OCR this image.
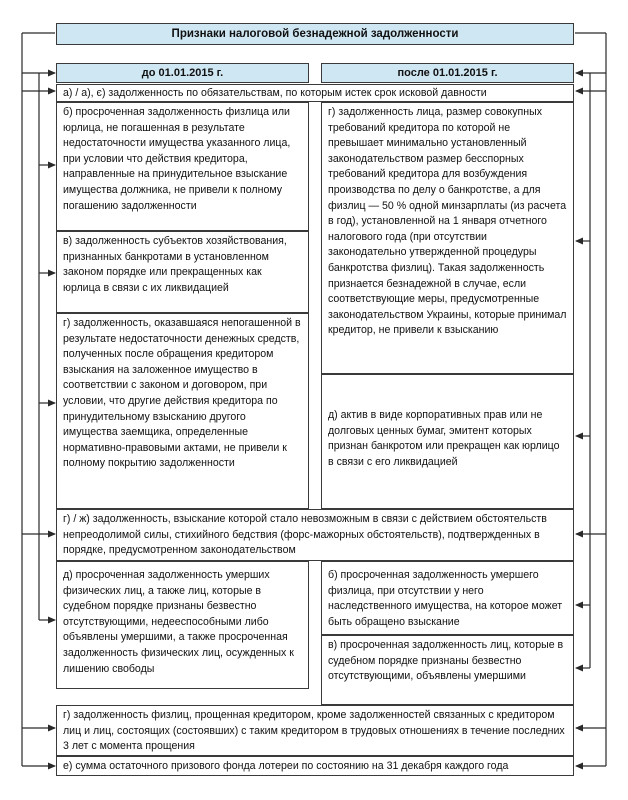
Признаки налоговой безнадежной задолженности
до 01.01.2015 г.	после 01.01.2015 г.
а) / а), є) задолженность по обязательствам, по которым истек срок исковой давности
б) просроченная задолженность физлица или юрлица, не погашенная в результате недостаточности имущества указанного лица, при условии что действия кредитора, направленные на принудительное взыскание имущества должника, не привели к полному погашению задолженности
в) задолженность субъектов хозяйствования, признанных банкротами в установленном законом порядке или прекращенных как юрлица в связи с их ликвидацией
г) задолженность, оказавшаяся непогашенной в результате недостаточности денежных средств, полученных после обращения кредитором взыскания на заложенное имущество в соответствии с законом и договором, при условии, что другие действия кредитора по принудительному взысканию другого имущества заемщика, определенные нормативно-правовыми актами, не привели к полному покрытию задолженности
г) задолженность лица, размер совокупных требований кредитора по которой не превышает минимально установленный законодательством размер бесспорных требований кредитора для возбуждения производства по делу о банкротстве, а для физлиц — 50 % одной минзарплаты (из расчета в год), установленной на 1 января отчетного налогового года (при отсутствии законодательно утвержденной процедуры банкротства физлиц). Такая задолженность признается безнадежной в случае, если соответствующие меры, предусмотренные законодательством Украины, которые принимал кредитор, не привели к взысканию
д) актив в виде корпоративных прав или не долговых ценных бумаг, эмитент которых признан банкротом или прекращен как юрлицо в связи с его ликвидацией
г) / ж) задолженность, взыскание которой стало невозможным в связи с действием обстоятельств непреодолимой силы, стихийного бедствия (форс-мажорных обстоятельств), подтвержденных в порядке, предусмотренном законодательством
д) просроченная задолженность умерших физических лиц, а также лиц, которые в судебном порядке признаны безвестно отсутствующими, недееспособными либо объявлены умершими, а также просроченная задолженность физических лиц, осужденных к лишению свободы
б) просроченная задолженность умершего физлица, при отсутствии у него наследственного имущества, на которое может быть обращено взыскание
в) просроченная задолженность лиц, которые в судебном порядке признаны безвестно отсутствующими, объявлены умершими
г) задолженность физлиц, прощенная кредитором, кроме задолженностей связанных с кредитором лиц и лиц, состоящих (состоявших) с таким кредитором в трудовых отношениях в течение последних 3 лет с момента прощения
е) сумма остаточного призового фонда лотереи по состоянию на 31 декабря каждого года
